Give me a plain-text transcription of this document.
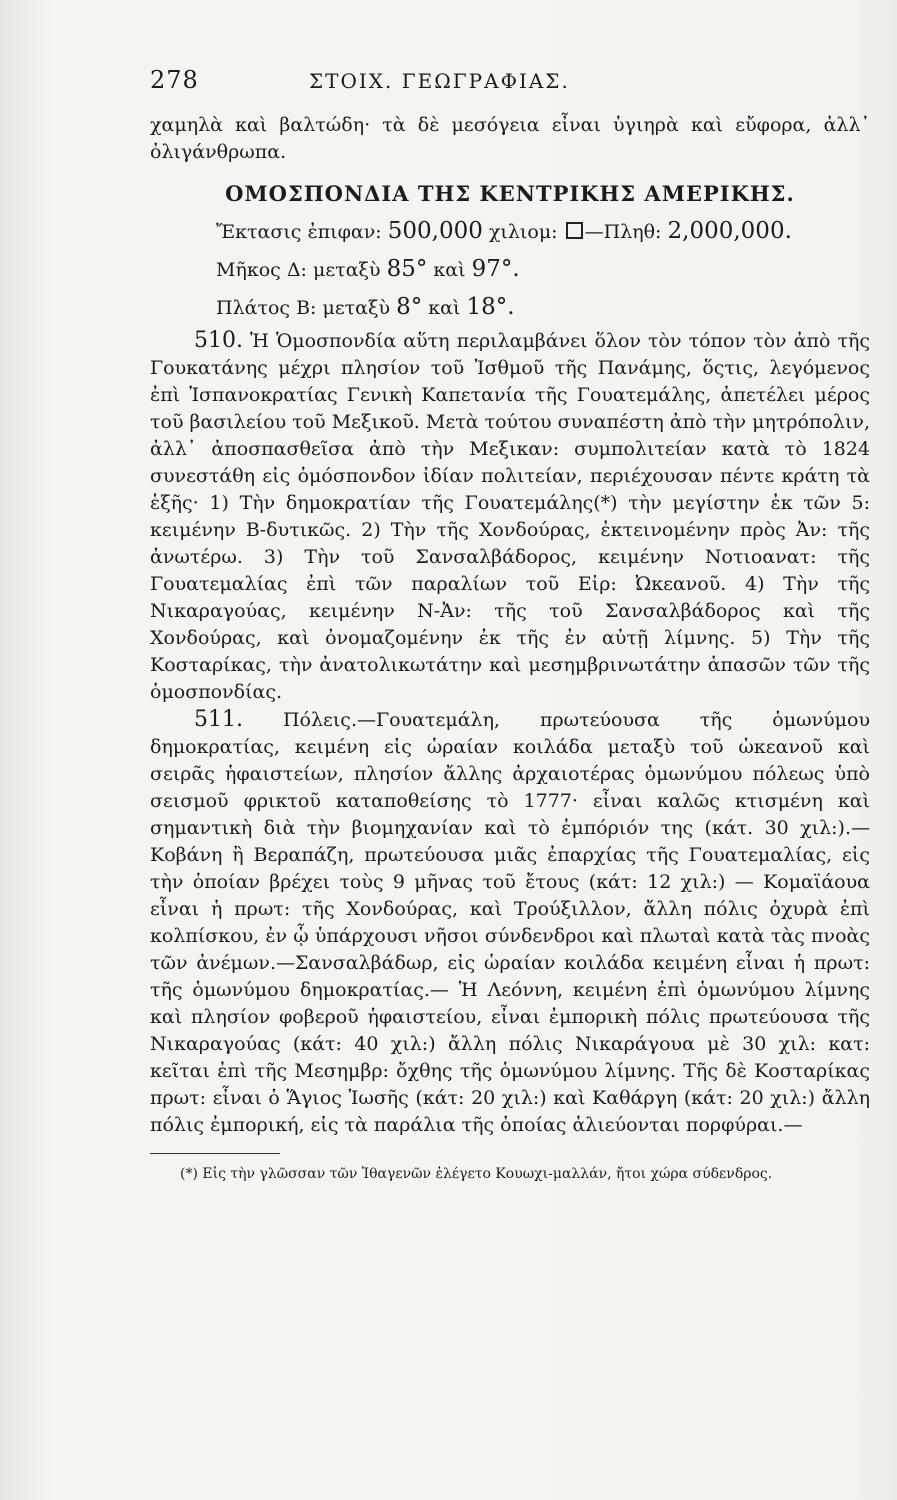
278	ΣΤΟΙΧ. ΓΕΩΓΡΑΦΙΑΣ.

χαμηλὰ καὶ βαλτώδη· τὰ δὲ μεσόγεια εἶναι ὑγιηρὰ καὶ εὔφορα, ἀλλ᾽ ὀλιγάνθρωπα.

ΟΜΟΣΠΟΝΔΙΑ ΤΗΣ ΚΕΝΤΡΙΚΗΣ ΑΜΕΡΙΚΗΣ.
Ἔκτασις ἐπιφαν: 500,000 χιλιομ: —Πληθ: 2,000,000.
Μῆκος Δ: μεταξὺ 85° καὶ 97°.
Πλάτος Β: μεταξὺ 8° καὶ 18°.

510. Ἡ Ὁμοσπονδία αὕτη περιλαμβάνει ὅλον τὸν τόπον τὸν ἀπὸ τῆς Γουκατάνης μέχρι πλησίον τοῦ Ἰσθμοῦ τῆς Πανάμης, ὅςτις, λεγόμενος ἐπὶ Ἱσπανοκρατίας Γενικὴ Καπετανία τῆς Γουατεμάλης, ἀπετέλει μέρος τοῦ βασιλείου τοῦ Μεξικοῦ. Μετὰ τούτου συναπέστη ἀπὸ τὴν μητρόπολιν, ἀλλ᾽ ἀποσπασθεῖσα ἀπὸ τὴν Μεξικαν: συμπολιτείαν κατὰ τὸ 1824 συνεστάθη εἰς ὁμόσπονδον ἰδίαν πολιτείαν, περιέχουσαν πέντε κράτη τὰ ἑξῆς· 1) Τὴν δημοκρατίαν τῆς Γουατεμάλης(*) τὴν μεγίστην ἐκ τῶν 5: κειμένην Β-δυτικῶς. 2) Τὴν τῆς Χονδούρας, ἐκτεινομένην πρὸς Ἀν: τῆς ἀνωτέρω. 3) Τὴν τοῦ Σανσαλβάδορος, κειμένην Νοτιοανατ: τῆς Γουατεμαλίας ἐπὶ τῶν παραλίων τοῦ Εἰρ: Ὠκεανοῦ. 4) Τὴν τῆς Νικαραγούας, κειμένην Ν-Ἀν: τῆς τοῦ Σανσαλβάδορος καὶ τῆς Χονδούρας, καὶ ὀνομαζομένην ἐκ τῆς ἐν αὐτῇ λίμνης. 5) Τὴν τῆς Κοσταρίκας, τὴν ἀνατολικωτάτην καὶ μεσημβρινωτάτην ἁπασῶν τῶν τῆς ὁμοσπονδίας.

511. Πόλεις.—Γουατεμάλη, πρωτεύουσα τῆς ὁμωνύμου δημοκρατίας, κειμένη εἰς ὡραίαν κοιλάδα μεταξὺ τοῦ ὠκεανοῦ καὶ σειρᾶς ἡφαιστείων, πλησίον ἄλλης ἀρχαιοτέρας ὁμωνύμου πόλεως ὑπὸ σεισμοῦ φρικτοῦ καταποθείσης τὸ 1777· εἶναι καλῶς κτισμένη καὶ σημαντικὴ διὰ τὴν βιομηχανίαν καὶ τὸ ἐμπόριόν της (κάτ. 30 χιλ:).—Κοβάνη ἢ Βεραπάζη, πρωτεύουσα μιᾶς ἐπαρχίας τῆς Γουατεμαλίας, εἰς τὴν ὁποίαν βρέχει τοὺς 9 μῆνας τοῦ ἔτους (κάτ: 12 χιλ:) — Κομαϊάουα εἶναι ἡ πρωτ: τῆς Χονδούρας, καὶ Τρούξιλλον, ἄλλη πόλις ὀχυρὰ ἐπὶ κολπίσκου, ἐν ᾧ ὑπάρχουσι νῆσοι σύνδενδροι καὶ πλωταὶ κατὰ τὰς πνοὰς τῶν ἀνέμων.—Σανσαλβάδωρ, εἰς ὡραίαν κοιλάδα κειμένη εἶναι ἡ πρωτ: τῆς ὁμωνύμου δημοκρατίας.— Ἡ Λεόννη, κειμένη ἐπὶ ὁμωνύμου λίμνης καὶ πλησίον φοβεροῦ ἡφαιστείου, εἶναι ἐμπορικὴ πόλις πρωτεύουσα τῆς Νικαραγούας (κάτ: 40 χιλ:) ἄλλη πόλις Νικαράγουα μὲ 30 χιλ: κατ: κεῖται ἐπὶ τῆς Μεσημβρ: ὄχθης τῆς ὁμωνύμου λίμνης. Τῆς δὲ Κοσταρίκας πρωτ: εἶναι ὁ Ἅγιος Ἰωσῆς (κάτ: 20 χιλ:) καὶ Καθάργη (κάτ: 20 χιλ:) ἄλλη πόλις ἐμπορική, εἰς τὰ παράλια τῆς ὁποίας ἁλιεύονται πορφύραι.—

(*) Εἰς τὴν γλῶσσαν τῶν Ἰθαγενῶν ἐλέγετο Κουωχι-μαλλάν, ἤτοι χώρα σύδενδρος.
